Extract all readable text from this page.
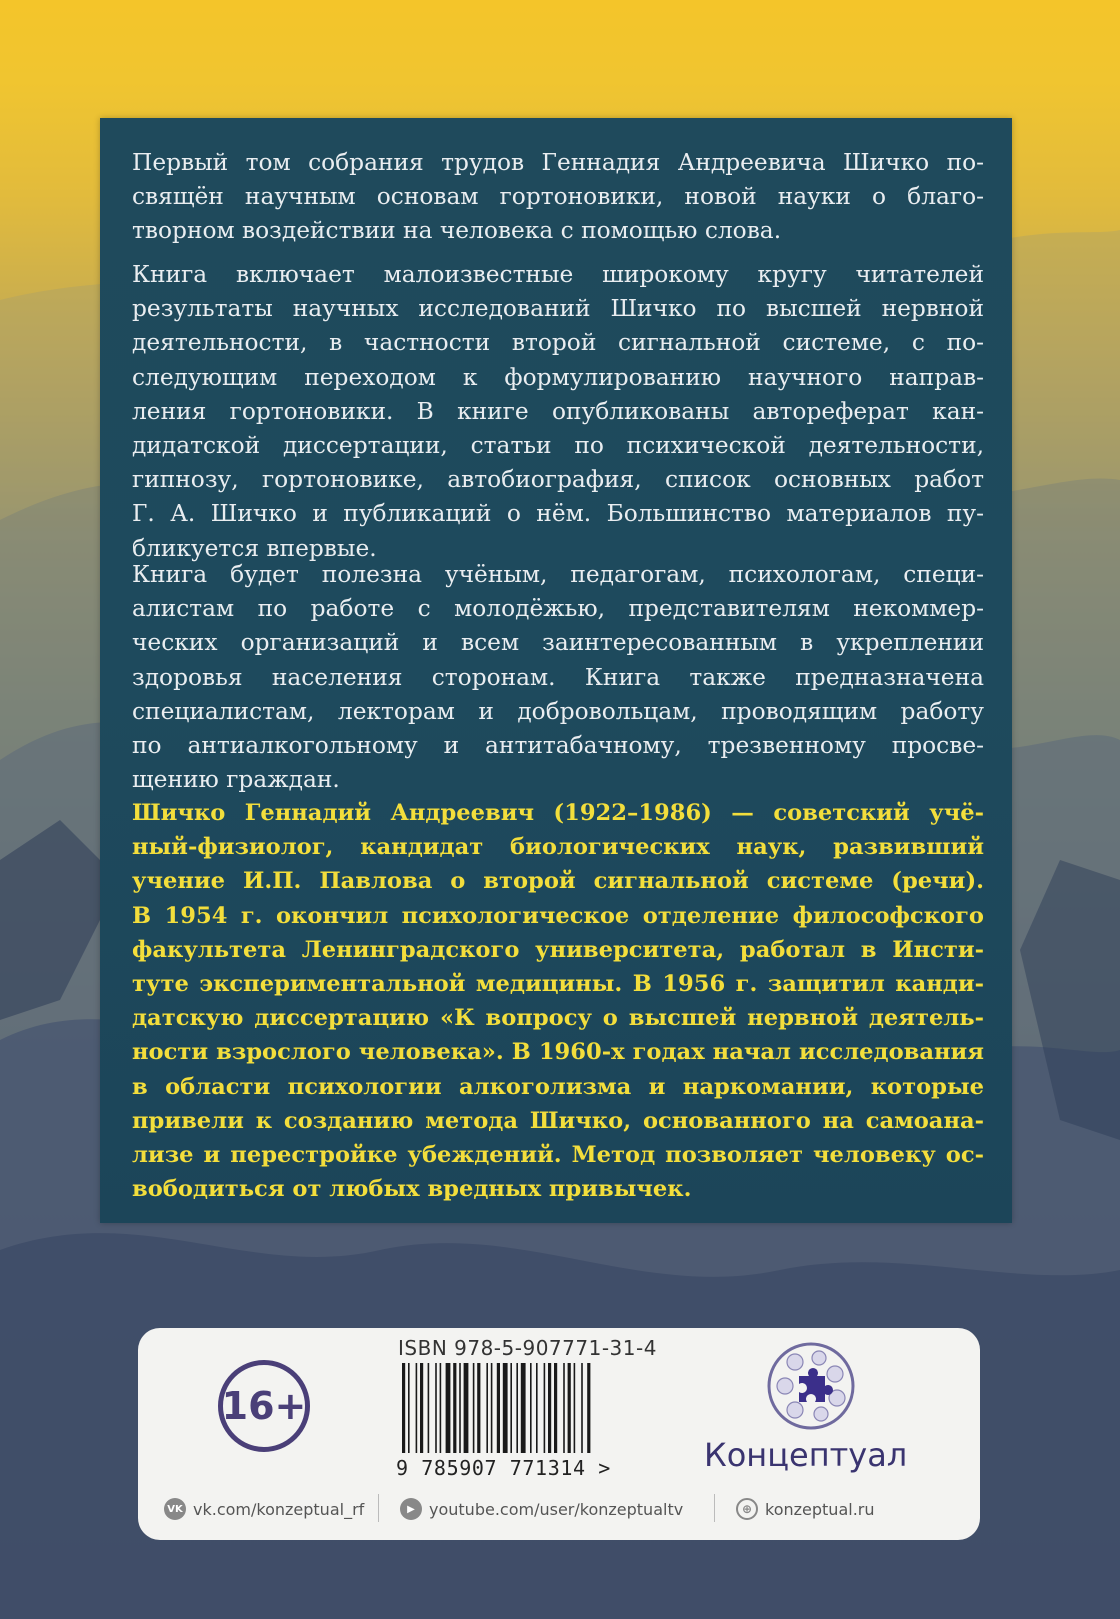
Первый том собрания трудов Геннадия Андреевича Шичко по-
свящён научным основам гортоновики, новой науки о благо-
творном воздействии на человека с помощью слова.

Книга включает малоизвестные широкому кругу читателей
результаты научных исследований Шичко по высшей нервной
деятельности, в частности второй сигнальной системе, с по-
следующим переходом к формулированию научного направ-
ления гортоновики. В книге опубликованы автореферат кан-
дидатской диссертации, статьи по психической деятельности,
гипнозу, гортоновике, автобиография, список основных работ
Г. А. Шичко и публикаций о нём. Большинство материалов пу-
бликуется впервые.

Книга будет полезна учёным, педагогам, психологам, специ-
алистам по работе с молодёжью, представителям некоммер-
ческих организаций и всем заинтересованным в укреплении
здоровья населения сторонам. Книга также предназначена
специалистам, лекторам и добровольцам, проводящим работу
по антиалкогольному и антитабачному, трезвенному просве-
щению граждан.

Шичко Геннадий Андреевич (1922–1986) — советский учё-
ный-физиолог, кандидат биологических наук, развивший
учение И.П. Павлова о второй сигнальной системе (речи).
В 1954 г. окончил психологическое отделение философского
факультета Ленинградского университета, работал в Инсти-
туте экспериментальной медицины. В 1956 г. защитил канди-
датскую диссертацию «К вопросу о высшей нервной деятель-
ности взрослого человека». В 1960-х годах начал исследования
в области психологии алкоголизма и наркомании, которые
привели к созданию метода Шичко, основанного на самоана-
лизе и перестройке убеждений. Метод позволяет человеку ос-
вободиться от любых вредных привычек.

16+
ISBN 978-5-907771-31-4
9 785907 771314 >	Концептуал
VK vk.com/konzeptual_rf	▶ youtube.com/user/konzeptualtv	⊕ konzeptual.ru
